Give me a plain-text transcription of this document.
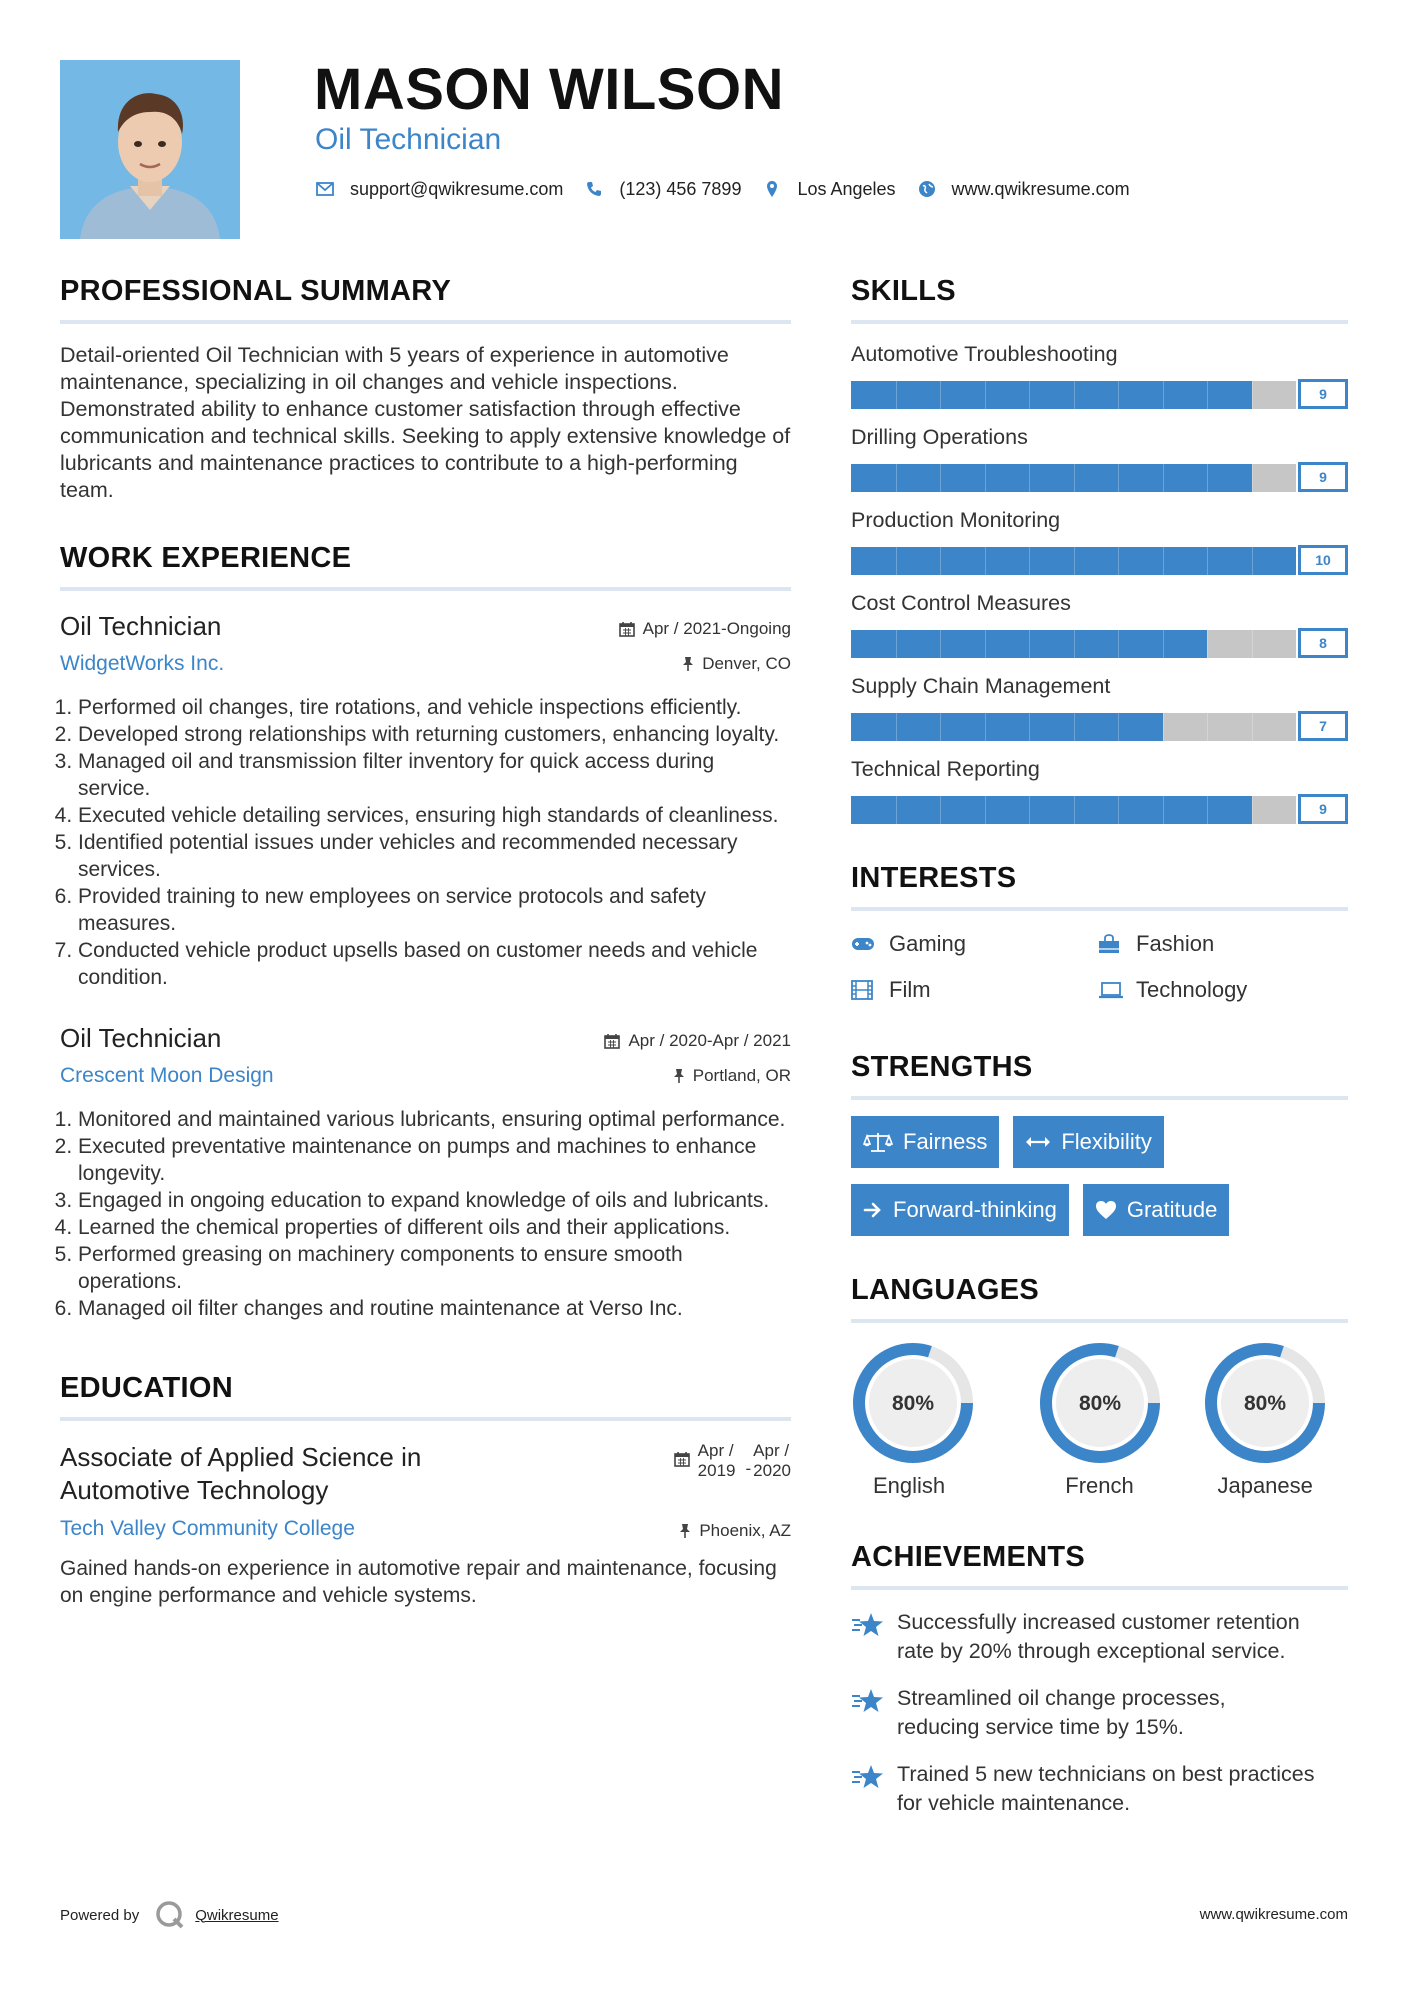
MASON WILSON
Oil Technician
support@qwikresume.com	(123) 456 7899	Los Angeles	www.qwikresume.com
PROFESSIONAL SUMMARY
Detail-oriented Oil Technician with 5 years of experience in automotive maintenance, specializing in oil changes and vehicle inspections. Demonstrated ability to enhance customer satisfaction through effective communication and technical skills. Seeking to apply extensive knowledge of lubricants and maintenance practices to contribute to a high-performing team.
WORK EXPERIENCE
Apr / 2021-Ongoing
Oil Technician
Denver, CO
WidgetWorks Inc.
1. Performed oil changes, tire rotations, and vehicle inspections efficiently.
2. Developed strong relationships with returning customers, enhancing loyalty.
3. Managed oil and transmission filter inventory for quick access during service.
4. Executed vehicle detailing services, ensuring high standards of cleanliness.
5. Identified potential issues under vehicles and recommended necessary services.
6. Provided training to new employees on service protocols and safety measures.
7. Conducted vehicle product upsells based on customer needs and vehicle condition.
Apr / 2020-Apr / 2021
Oil Technician
Portland, OR
Crescent Moon Design
1. Monitored and maintained various lubricants, ensuring optimal performance.
2. Executed preventative maintenance on pumps and machines to enhance longevity.
3. Engaged in ongoing education to expand knowledge of oils and lubricants.
4. Learned the chemical properties of different oils and their applications.
5. Performed greasing on machinery components to ensure smooth operations.
6. Managed oil filter changes and routine maintenance at Verso Inc.
EDUCATION
Apr /
2019 -
Apr /
2020
Associate of Applied Science in
Automotive Technology
Phoenix, AZ
Tech Valley Community College
Gained hands-on experience in automotive repair and maintenance, focusing on engine performance and vehicle systems.
SKILLS
Automotive Troubleshooting
9
Drilling Operations
9
Production Monitoring
10
Cost Control Measures
8
Supply Chain Management
7
Technical Reporting
9
INTERESTS
Gaming	Fashion
Film	Technology
STRENGTHS
Fairness	Flexibility
Forward-thinking	Gratitude
LANGUAGES
80%
English
80%
French
80%
Japanese
ACHIEVEMENTS
Successfully increased customer retention
rate by 20% through exceptional service.
Streamlined oil change processes,
reducing service time by 15%.
Trained 5 new technicians on best practices
for vehicle maintenance.
Powered by	Qwikresume	www.qwikresume.com
